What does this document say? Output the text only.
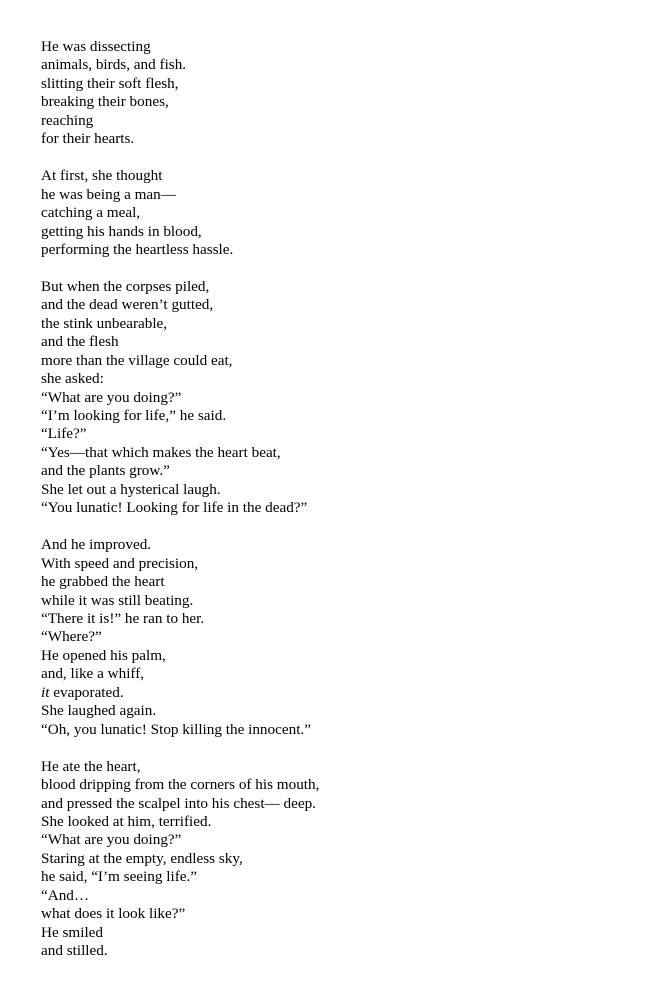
He was dissecting
animals, birds, and fish.
slitting their soft flesh,
breaking their bones,
reaching
for their hearts.
At first, she thought
he was being a man—
catching a meal,
getting his hands in blood,
performing the heartless hassle.
But when the corpses piled,
and the dead weren’t gutted,
the stink unbearable,
and the flesh
more than the village could eat,
she asked:
“What are you doing?”
“I’m looking for life,” he said.
“Life?”
“Yes—that which makes the heart beat,
and the plants grow.”
She let out a hysterical laugh.
“You lunatic! Looking for life in the dead?”
And he improved.
With speed and precision,
he grabbed the heart
while it was still beating.
“There it is!” he ran to her.
“Where?”
He opened his palm,
and, like a whiff,
it evaporated.
She laughed again.
“Oh, you lunatic! Stop killing the innocent.”
He ate the heart,
blood dripping from the corners of his mouth,
and pressed the scalpel into his chest— deep.
She looked at him, terrified.
“What are you doing?”
Staring at the empty, endless sky,
he said, “I’m seeing life.”
“And…
what does it look like?”
He smiled
and stilled.
